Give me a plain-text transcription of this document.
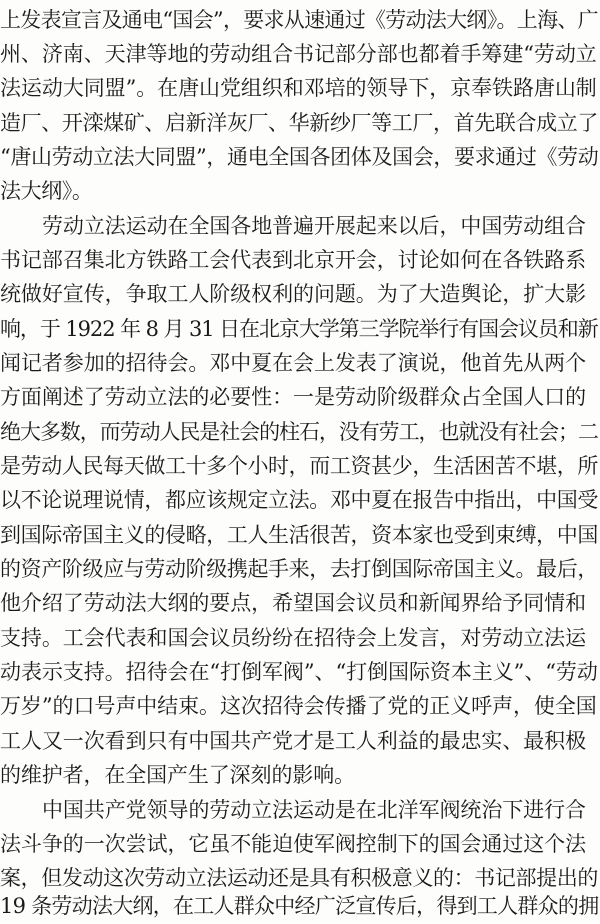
上发表宣言及通电“国会”，要求从速通过《劳动法大纲》。上海、广
州、济南、天津等地的劳动组合书记部分部也都着手筹建“劳动立
法运动大同盟”。在唐山党组织和邓培的领导下，京奉铁路唐山制
造厂、开滦煤矿、启新洋灰厂、华新纱厂等工厂，首先联合成立了
“唐山劳动立法大同盟”，通电全国各团体及国会，要求通过《劳动
法大纲》。
劳动立法运动在全国各地普遍开展起来以后，中国劳动组合
书记部召集北方铁路工会代表到北京开会，讨论如何在各铁路系
统做好宣传，争取工人阶级权利的问题。为了大造舆论，扩大影
响，于 1922 年 8 月 31 日在北京大学第三学院举行有国会议员和新
闻记者参加的招待会。邓中夏在会上发表了演说，他首先从两个
方面阐述了劳动立法的必要性：一是劳动阶级群众占全国人口的
绝大多数，而劳动人民是社会的柱石，没有劳工，也就没有社会；二
是劳动人民每天做工十多个小时，而工资甚少，生活困苦不堪，所
以不论说理说情，都应该规定立法。邓中夏在报告中指出，中国受
到国际帝国主义的侵略，工人生活很苦，资本家也受到束缚，中国
的资产阶级应与劳动阶级携起手来，去打倒国际帝国主义。最后，
他介绍了劳动法大纲的要点，希望国会议员和新闻界给予同情和
支持。工会代表和国会议员纷纷在招待会上发言，对劳动立法运
动表示支持。招待会在“打倒军阀”、“打倒国际资本主义”、“劳动
万岁”的口号声中结束。这次招待会传播了党的正义呼声，使全国
工人又一次看到只有中国共产党才是工人利益的最忠实、最积极
的维护者，在全国产生了深刻的影响。
中国共产党领导的劳动立法运动是在北洋军阀统治下进行合
法斗争的一次尝试，它虽不能迫使军阀控制下的国会通过这个法
案，但发动这次劳动立法运动还是具有积极意义的：书记部提出的
19 条劳动法大纲，在工人群众中经广泛宣传后，得到工人群众的拥
